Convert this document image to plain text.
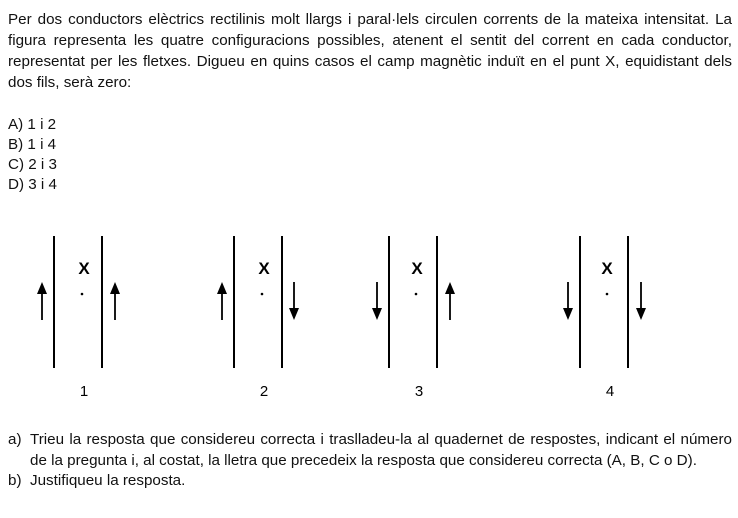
Per dos conductors elèctrics rectilinis molt llargs i paral·lels circulen corrents de la mateixa intensitat. La figura representa les quatre configuracions possibles, atenent el sentit del corrent en cada conductor, representat per les fletxes. Digueu en quins casos el camp magnètic induït en el punt X, equidistant dels dos fils, serà zero:
A) 1 i 2
B) 1 i 4
C) 2 i 3
D) 3 i 4
X
1
X
2
X
3
X
4
a) Trieu la resposta que considereu correcta i traslladeu-la al quadernet de respostes, indicant el número de la pregunta i, al costat, la lletra que precedeix la resposta que considereu correcta (A, B, C o D).
b) Justifiqueu la resposta.
